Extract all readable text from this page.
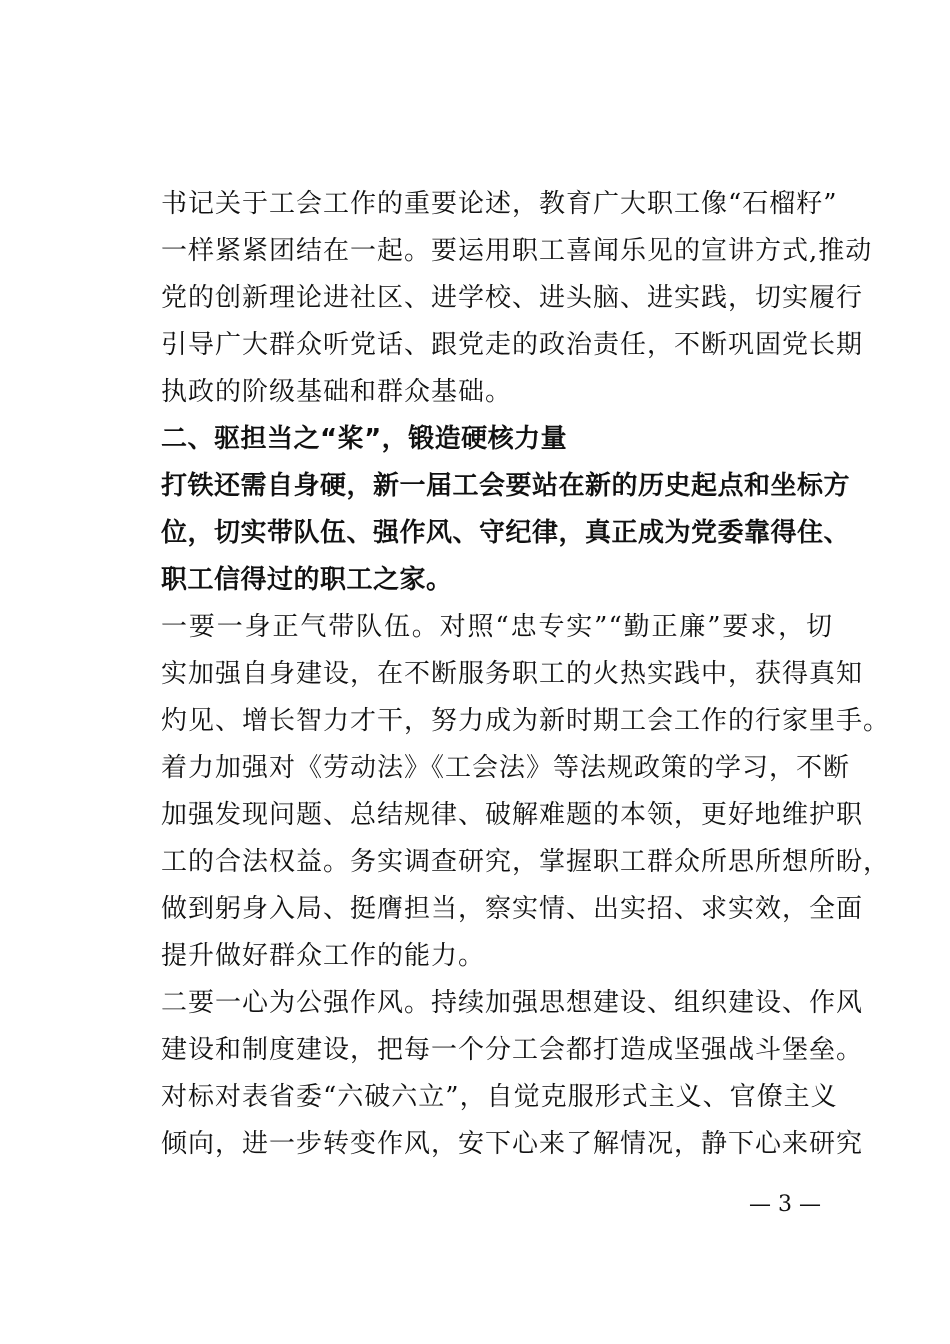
书记关于工会工作的重要论述，教育广大职工像“石榴籽”
一样紧紧团结在一起。要运用职工喜闻乐见的宣讲方式,推动
党的创新理论进社区、进学校、进头脑、进实践，切实履行
引导广大群众听党话、跟党走的政治责任，不断巩固党长期
执政的阶级基础和群众基础。
二、驱担当之“桨”，锻造硬核力量
打铁还需自身硬，新一届工会要站在新的历史起点和坐标方
位，切实带队伍、强作风、守纪律，真正成为党委靠得住、
职工信得过的职工之家。
一要一身正气带队伍。对照“忠专实”“勤正廉”要求，切
实加强自身建设，在不断服务职工的火热实践中，获得真知
灼见、增长智力才干，努力成为新时期工会工作的行家里手。
着力加强对《劳动法》《工会法》等法规政策的学习，不断
加强发现问题、总结规律、破解难题的本领，更好地维护职
工的合法权益。务实调查研究，掌握职工群众所思所想所盼，
做到躬身入局、挺膺担当，察实情、出实招、求实效，全面
提升做好群众工作的能力。
二要一心为公强作风。持续加强思想建设、组织建设、作风
建设和制度建设，把每一个分工会都打造成坚强战斗堡垒。
对标对表省委“六破六立”，自觉克服形式主义、官僚主义
倾向，进一步转变作风，安下心来了解情况，静下心来研究
— 3 —
